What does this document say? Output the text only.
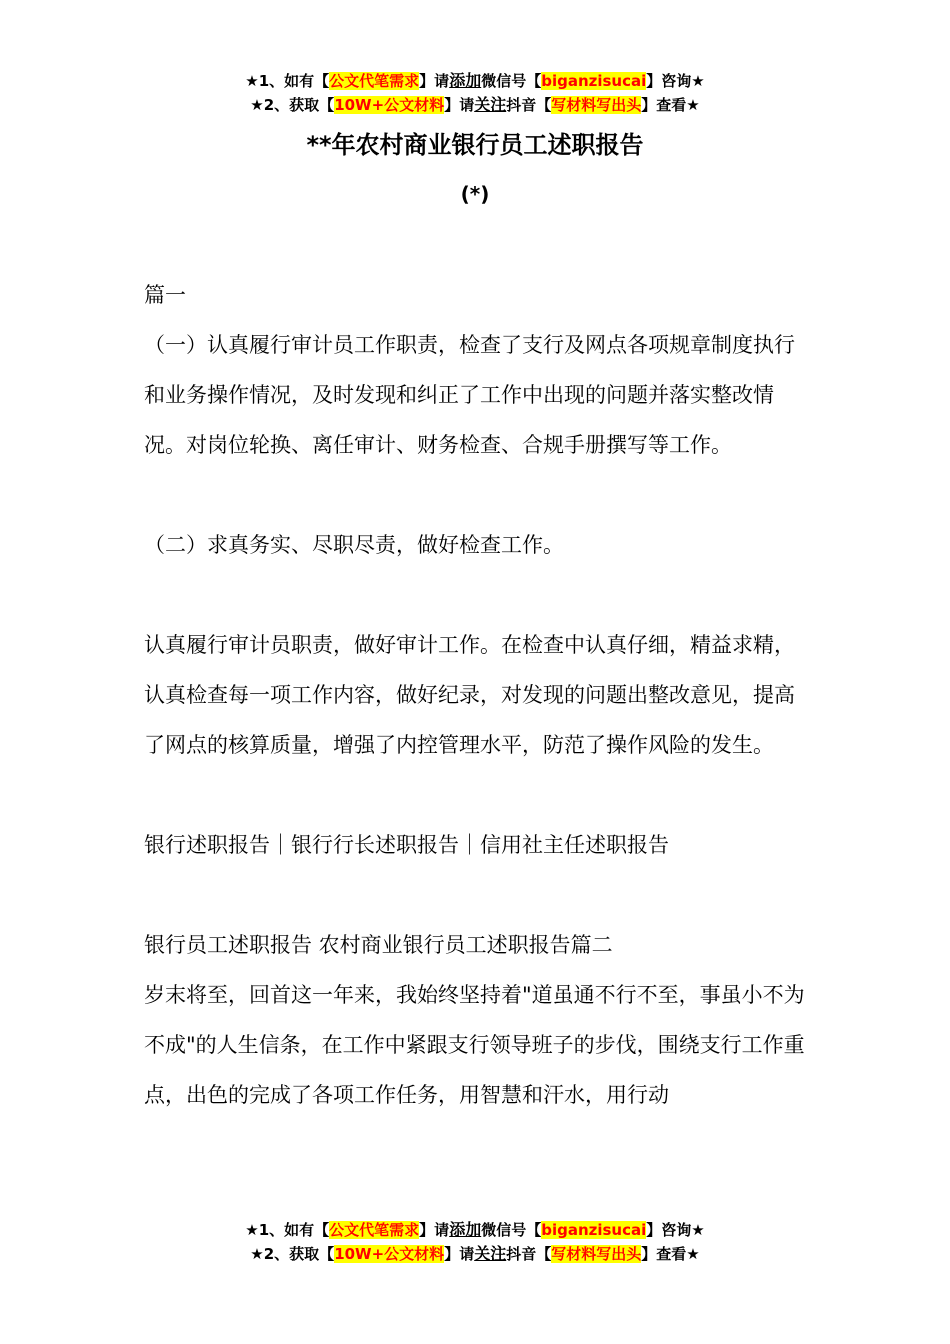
★1、如有【公文代笔需求】请添加微信号【biganzisucai】咨询★
★2、获取【10W+公文材料】请关注抖音【写材料写出头】查看★
**年农村商业银行员工述职报告
(*)

篇一

（一）认真履行审计员工作职责，检查了支行及网点各项规章制度执行和业务操作情况，及时发现和纠正了工作中出现的问题并落实整改情况。对岗位轮换、离任审计、财务检查、合规手册撰写等工作。

（二）求真务实、尽职尽责，做好检查工作。

认真履行审计员职责，做好审计工作。在检查中认真仔细，精益求精，认真检查每一项工作内容，做好纪录，对发现的问题出整改意见，提高了网点的核算质量，增强了内控管理水平，防范了操作风险的发生。

银行述职报告｜银行行长述职报告｜信用社主任述职报告

银行员工述职报告 农村商业银行员工述职报告篇二

岁末将至，回首这一年来，我始终坚持着"道虽通不行不至，事虽小不为不成"的人生信条，在工作中紧跟支行领导班子的步伐，围绕支行工作重点，出色的完成了各项工作任务，用智慧和汗水，用行动

★1、如有【公文代笔需求】请添加微信号【biganzisucai】咨询★
★2、获取【10W+公文材料】请关注抖音【写材料写出头】查看★
